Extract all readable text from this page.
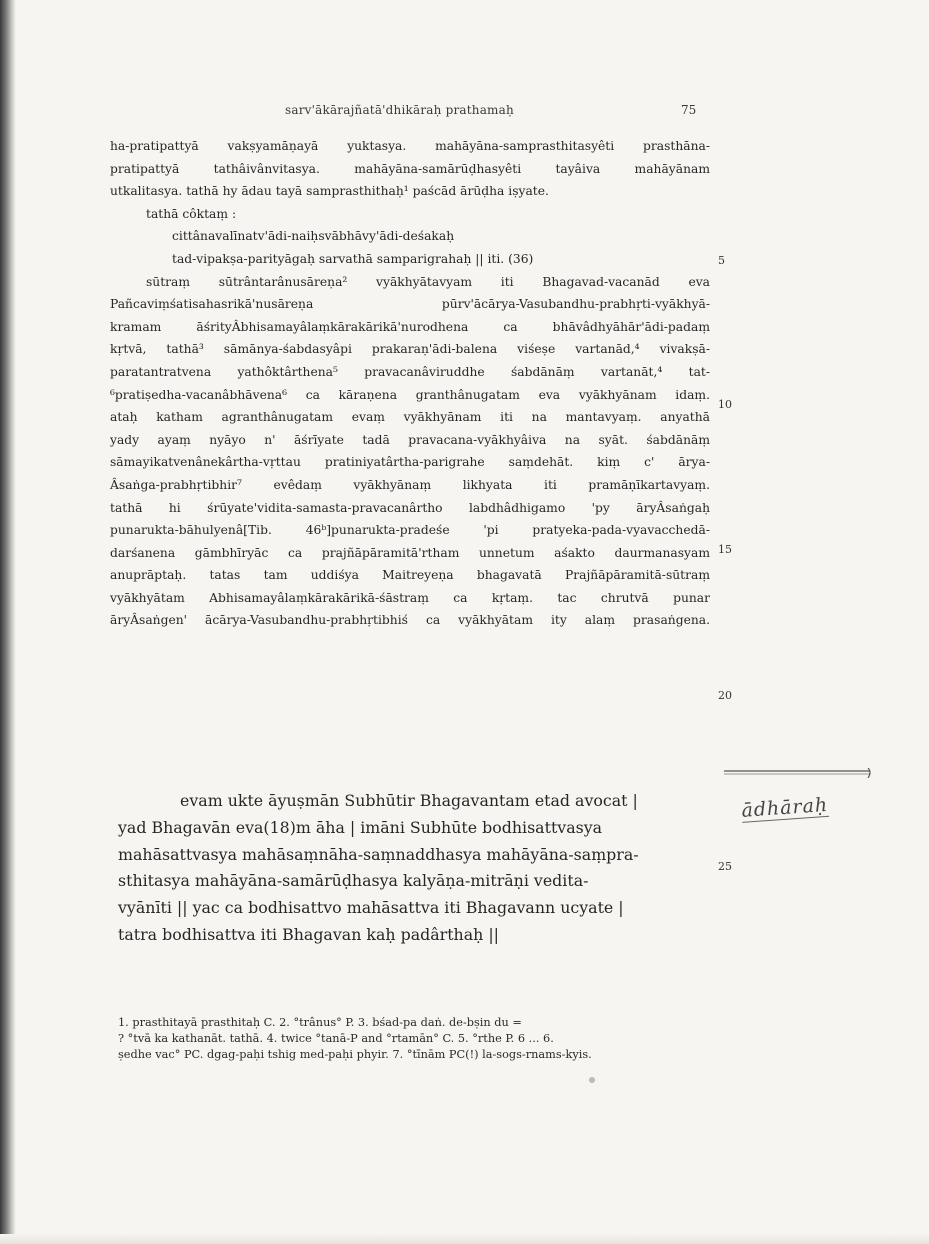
sarv'ākārajñatā'dhikāraḥ prathamaḥ	75
ha-pratipattyā vakṣyamāṇayā yuktasya. mahāyāna-samprasthitasyêti prasthāna-
pratipattyā tathâivânvitasya. mahāyāna-samārūḍhasyêti tayâiva mahāyānam
utkalitasya. tathā hy ādau tayā samprasthithaḥ¹ paścād ārūḍha iṣyate.
tathā côktaṃ :
cittânavalīnatv'ādi-naiḥsvābhāvy'ādi-deśakaḥ
tad-vipakṣa-parityāgaḥ sarvathā samparigrahaḥ || iti. (36)
sūtraṃ sūtrântarânusāreṇa² vyākhyātavyam iti Bhagavad-vacanād eva
Pañcaviṃśatisahasrikā'nusāreṇa pūrv'ācārya-Vasubandhu-prabhṛti-vyākhyā-
kramam āśrityÂbhisamayâlaṃkārakārikā'nurodhena ca bhāvâdhyāhār'ādi-padaṃ
kṛtvā, tathā³ sāmānya-śabdasyâpi prakaraṇ'ādi-balena viśeṣe vartanād,⁴ vivakṣā-
paratantratvena yathôktârthena⁵ pravacanâviruddhe śabdānāṃ vartanāt,⁴ tat-
⁶pratiṣedha-vacanâbhāvena⁶ ca kāraṇena granthânugatam eva vyākhyānam idaṃ.
ataḥ katham agranthânugatam evaṃ vyākhyānam iti na mantavyaṃ. anyathā
yady ayaṃ nyāyo n' āśrīyate tadā pravacana-vyākhyâiva na syāt. śabdānāṃ
sāmayikatvenânekârtha-vṛttau pratiniyatârtha-parigrahe saṃdehāt. kiṃ c' ārya-
Âsaṅga-prabhṛtibhir⁷ evêdaṃ vyākhyānaṃ likhyata iti pramāṇīkartavyaṃ.
tathā hi śrūyate'vidita-samasta-pravacanârtho labdhâdhigamo 'py āryÂsaṅgaḥ
punarukta-bāhulyenâ[Tib. 46ᵇ]punarukta-pradeśe 'pi pratyeka-pada-vyavacchedā-
darśanena gāmbhīryāc ca prajñāpāramitā'rtham unnetum aśakto daurmanasyam
anuprāptaḥ. tatas tam uddiśya Maitreyeṇa bhagavatā Prajñāpāramitā-sūtraṃ
vyākhyātam Abhisamayâlaṃkārakārikā-śāstraṃ ca kṛtaṃ. tac chrutvā punar
āryÂsaṅgen' ācārya-Vasubandhu-prabhṛtibhiś ca vyākhyātam ity alaṃ prasaṅgena.
5
10
15
20
evam ukte āyuṣmān Subhūtir Bhagavantam etad avocat |
yad Bhagavān eva(18)m āha | imāni Subhūte bodhisattvasya
mahāsattvasya mahāsaṃnāha-saṃnaddhasya mahāyāna-saṃpra-
sthitasya mahāyāna-samārūḍhasya kalyāṇa-mitrāṇi vedita-
vyānīti || yac ca bodhisattvo mahāsattva iti Bhagavann ucyate |
tatra bodhisattva iti Bhagavan kaḥ padârthaḥ ||
ādhāraḥ
25
1. prasthitayā prasthitaḥ C. 2. °trânus° P. 3. bśad-pa daṅ. de-bṣin du =
? °tvā ka kathanāt. tathā. 4. twice °tanā-P and °rtamān° C. 5. °rthe P. 6 ... 6.
ṣedhe vac° PC. dgag-paḥi tshig med-paḥi phyir. 7. °tīnām PC(!) la-sogs-rnams-kyis.
